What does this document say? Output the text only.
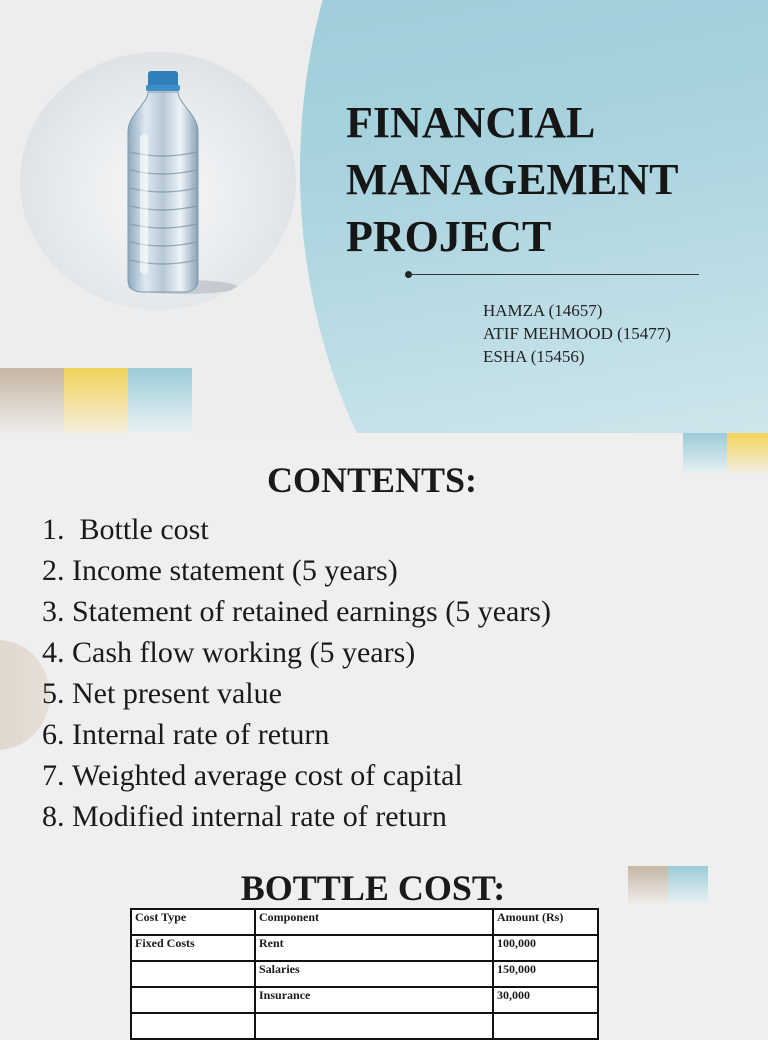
FINANCIAL
MANAGEMENT
PROJECT
HAMZA (14657)
ATIF MEHMOOD (15477)
ESHA (15456)
CONTENTS:
1. Bottle cost
2. Income statement (5 years)
3. Statement of retained earnings (5 years)
4. Cash flow working (5 years)
5. Net present value
6. Internal rate of return
7. Weighted average cost of capital
8. Modified internal rate of return
BOTTLE COST:
Cost Type	Component	Amount (Rs)
Fixed Costs	Rent	100,000
	Salaries	150,000
	Insurance	30,000
